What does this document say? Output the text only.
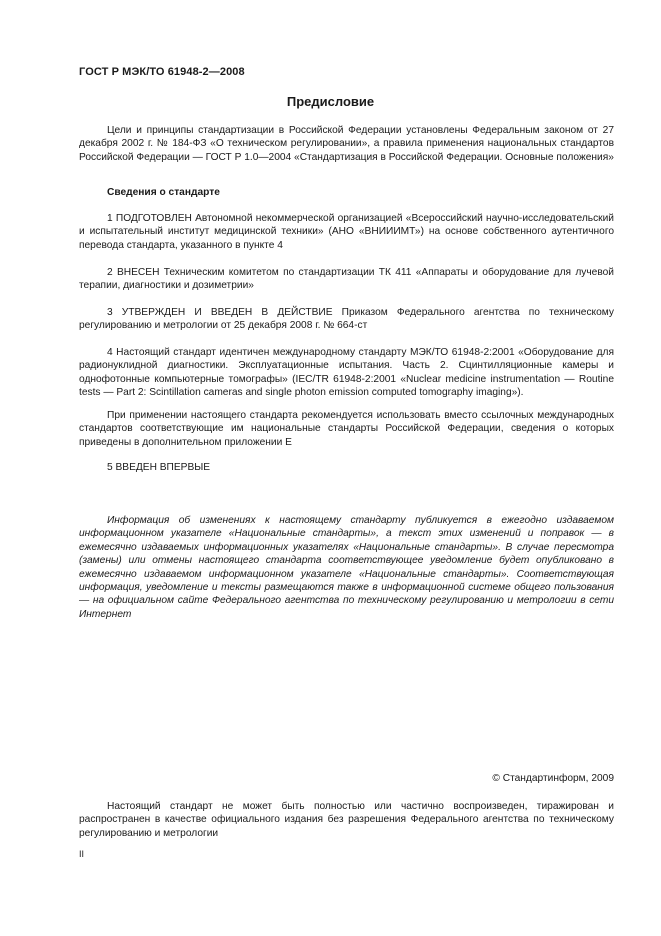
ГОСТ Р МЭК/ТО 61948-2—2008
Предисловие

Цели и принципы стандартизации в Российской Федерации установлены Федеральным законом от 27 декабря 2002 г. № 184-ФЗ «О техническом регулировании», а правила применения национальных стандартов Российской Федерации — ГОСТ Р 1.0—2004 «Стандартизация в Российской Федерации. Основные положения»

Сведения о стандарте

1 ПОДГОТОВЛЕН Автономной некоммерческой организацией «Всероссийский научно-исследовательский и испытательный институт медицинской техники» (АНО «ВНИИИМТ») на основе собственного аутентичного перевода стандарта, указанного в пункте 4

2 ВНЕСЕН Техническим комитетом по стандартизации ТК 411 «Аппараты и оборудование для лучевой терапии, диагностики и дозиметрии»

3 УТВЕРЖДЕН И ВВЕДЕН В ДЕЙСТВИЕ Приказом Федерального агентства по техническому регулированию и метрологии от 25 декабря 2008 г. № 664-ст

4 Настоящий стандарт идентичен международному стандарту МЭК/ТО 61948-2:2001 «Оборудование для радионуклидной диагностики. Эксплуатационные испытания. Часть 2. Сцинтилляционные камеры и однофотонные компьютерные томографы» (IEC/TR 61948-2:2001 «Nuclear medicine instrumentation — Routine tests — Part 2: Scintillation cameras and single photon emission computed tomography imaging»).

При применении настоящего стандарта рекомендуется использовать вместо ссылочных международных стандартов соответствующие им национальные стандарты Российской Федерации, сведения о которых приведены в дополнительном приложении Е

5 ВВЕДЕН ВПЕРВЫЕ

Информация об изменениях к настоящему стандарту публикуется в ежегодно издаваемом информационном указателе «Национальные стандарты», а текст этих изменений и поправок — в ежемесячно издаваемых информационных указателях «Национальные стандарты». В случае пересмотра (замены) или отмены настоящего стандарта соответствующее уведомление будет опубликовано в ежемесячно издаваемом информационном указателе «Национальные стандарты». Соответствующая информация, уведомление и тексты размещаются также в информационной системе общего пользования — на официальном сайте Федерального агентства по техническому регулированию и метрологии в сети Интернет

© Стандартинформ, 2009

Настоящий стандарт не может быть полностью или частично воспроизведен, тиражирован и распространен в качестве официального издания без разрешения Федерального агентства по техническому регулированию и метрологии

II
